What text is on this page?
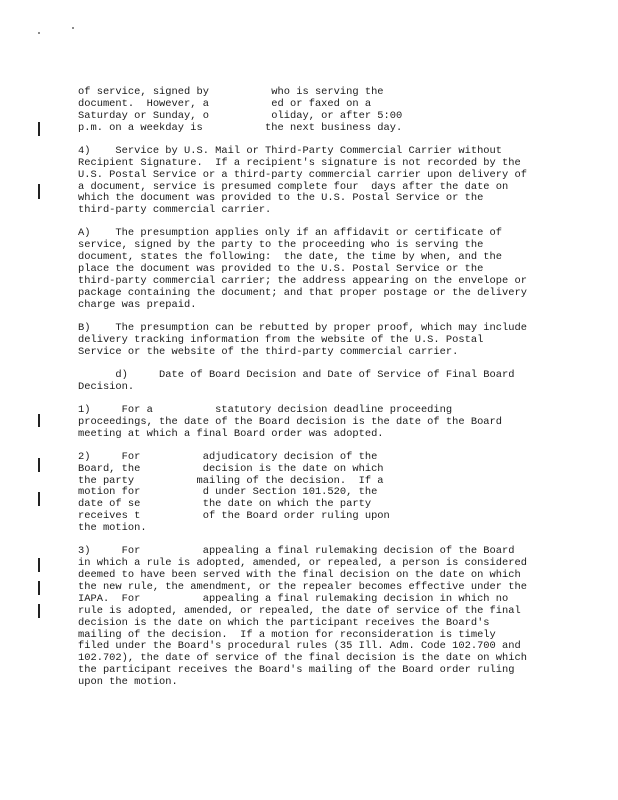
of service, signed by          who is serving the
document.  However, a          ed or faxed on a
Saturday or Sunday, o          oliday, or after 5:00
p.m. on a weekday is          the next business day.
4)    Service by U.S. Mail or Third-Party Commercial Carrier without
Recipient Signature.  If a recipient's signature is not recorded by the
U.S. Postal Service or a third-party commercial carrier upon delivery of
a document, service is presumed complete four  days after the date on
which the document was provided to the U.S. Postal Service or the
third-party commercial carrier.
A)    The presumption applies only if an affidavit or certificate of
service, signed by the party to the proceeding who is serving the
document, states the following:  the date, the time by when, and the
place the document was provided to the U.S. Postal Service or the
third-party commercial carrier; the address appearing on the envelope or
package containing the document; and that proper postage or the delivery
charge was prepaid.
B)    The presumption can be rebutted by proper proof, which may include
delivery tracking information from the website of the U.S. Postal
Service or the website of the third-party commercial carrier.
d)     Date of Board Decision and Date of Service of Final Board
Decision.
1)     For a          statutory decision deadline proceeding
proceedings, the date of the Board decision is the date of the Board
meeting at which a final Board order was adopted.
2)     For          adjudicatory decision of the
Board, the          decision is the date on which
the party          mailing of the decision.  If a
motion for          d under Section 101.520, the
date of se          the date on which the party
receives t          of the Board order ruling upon
the motion.
3)     For          appealing a final rulemaking decision of the Board
in which a rule is adopted, amended, or repealed, a person is considered
deemed to have been served with the final decision on the date on which
the new rule, the amendment, or the repealer becomes effective under the
IAPA.  For          appealing a final rulemaking decision in which no
rule is adopted, amended, or repealed, the date of service of the final
decision is the date on which the participant receives the Board's
mailing of the decision.  If a motion for reconsideration is timely
filed under the Board's procedural rules (35 Ill. Adm. Code 102.700 and
102.702), the date of service of the final decision is the date on which
the participant receives the Board's mailing of the Board order ruling
upon the motion.
